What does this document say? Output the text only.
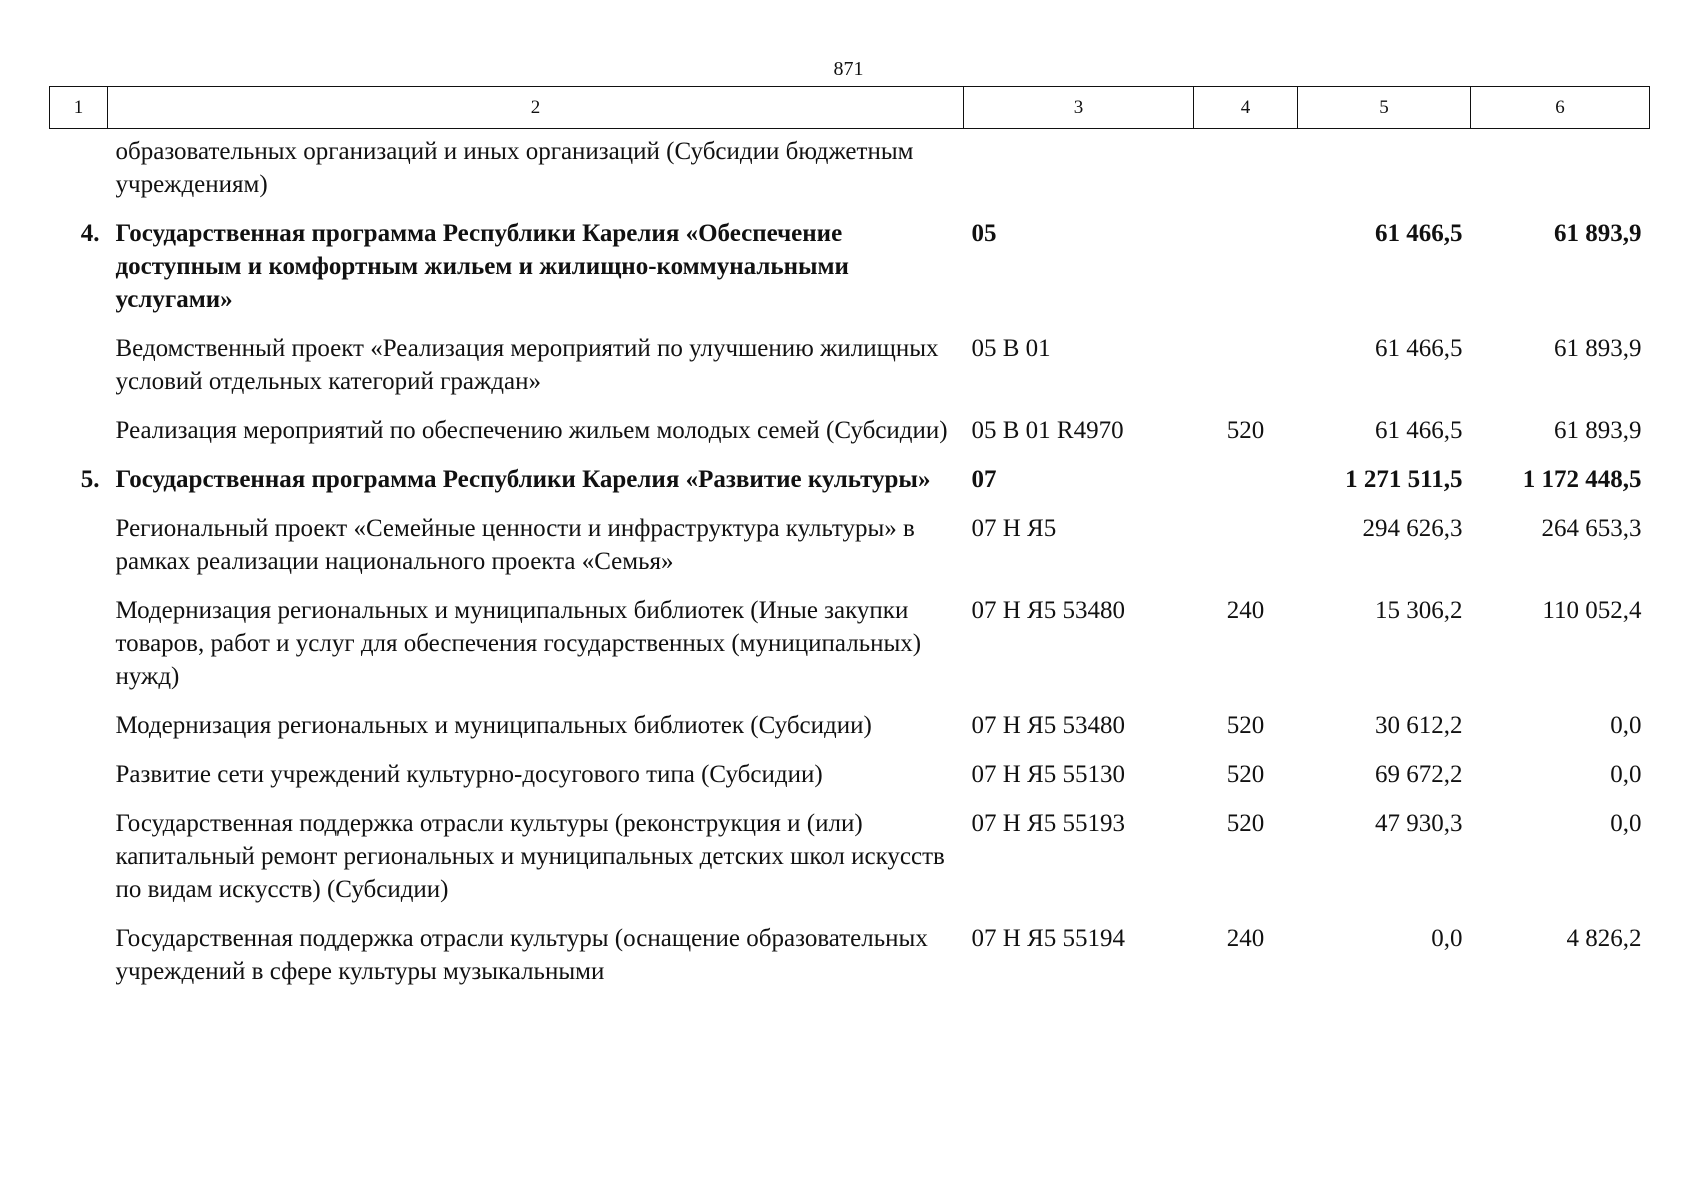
871
1	2	3	4	5	6
	образовательных организаций и иных организаций (Субсидии бюджетным учреждениям)				
4.	Государственная программа Республики Карелия «Обеспечение доступным и комфортным жильем и жилищно-коммунальными услугами»	05		61 466,5	61 893,9
	Ведомственный проект «Реализация мероприятий по улучшению жилищных условий отдельных категорий граждан»	05 В 01		61 466,5	61 893,9
	Реализация мероприятий по обеспечению жильем молодых семей (Субсидии)	05 В 01 R4970	520	61 466,5	61 893,9
5.	Государственная программа Республики Карелия «Развитие культуры»	07		1 271 511,5	1 172 448,5
	Региональный проект «Семейные ценности и инфраструктура культуры» в рамках реализации национального проекта «Семья»	07 Н Я5		294 626,3	264 653,3
	Модернизация региональных и муниципальных библиотек (Иные закупки товаров, работ и услуг для обеспечения государственных (муниципальных) нужд)	07 Н Я5 53480	240	15 306,2	110 052,4
	Модернизация региональных и муниципальных библиотек (Субсидии)	07 Н Я5 53480	520	30 612,2	0,0
	Развитие сети учреждений культурно-досугового типа (Субсидии)	07 Н Я5 55130	520	69 672,2	0,0
	Государственная поддержка отрасли культуры (реконструкция и (или) капитальный ремонт региональных и муниципальных детских школ искусств по видам искусств) (Субсидии)	07 Н Я5 55193	520	47 930,3	0,0
	Государственная поддержка отрасли культуры (оснащение образовательных учреждений в сфере культуры музыкальными	07 Н Я5 55194	240	0,0	4 826,2
